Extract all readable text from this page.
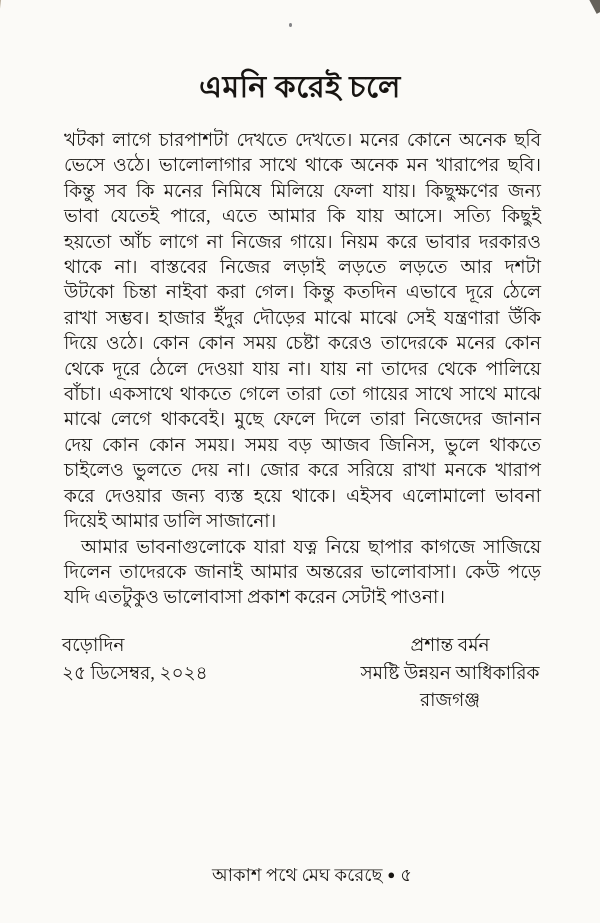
এমনি করেই চলে
খটকা লাগে চারপাশটা দেখতে দেখতে। মনের কোনে অনেক ছবি
ভেসে ওঠে। ভালোলাগার সাথে থাকে অনেক মন খারাপের ছবি।
কিন্তু সব কি মনের নিমিষে মিলিয়ে ফেলা যায়। কিছুক্ষণের জন্য
ভাবা যেতেই পারে, এতে আমার কি যায় আসে। সত্যি কিছুই
হয়তো আঁচ লাগে না নিজের গায়ে। নিয়ম করে ভাবার দরকারও
থাকে না। বাস্তবের নিজের লড়াই লড়তে লড়তে আর দশটা
উটকো চিন্তা নাইবা করা গেল। কিন্তু কতদিন এভাবে দূরে ঠেলে
রাখা সম্ভব। হাজার ইঁদুর দৌড়ের মাঝে মাঝে সেই যন্ত্রণারা উঁকি
দিয়ে ওঠে। কোন কোন সময় চেষ্টা করেও তাদেরকে মনের কোন
থেকে দূরে ঠেলে দেওয়া যায় না। যায় না তাদের থেকে পালিয়ে
বাঁচা। একসাথে থাকতে গেলে তারা তো গায়ের সাথে সাথে মাঝে
মাঝে লেগে থাকবেই। মুছে ফেলে দিলে তারা নিজেদের জানান
দেয় কোন কোন সময়। সময় বড় আজব জিনিস, ভুলে থাকতে
চাইলেও ভুলতে দেয় না। জোর করে সরিয়ে রাখা মনকে খারাপ
করে দেওয়ার জন্য ব্যস্ত হয়ে থাকে। এইসব এলোমালো ভাবনা
দিয়েই আমার ডালি সাজানো।
আমার ভাবনাগুলোকে যারা যত্ন নিয়ে ছাপার কাগজে সাজিয়ে
দিলেন তাদেরকে জানাই আমার অন্তরের ভালোবাসা। কেউ পড়ে
যদি এতটুকুও ভালোবাসা প্রকাশ করেন সেটাই পাওনা।
বড়োদিন
২৫ ডিসেম্বর, ২০২৪
প্রশান্ত বর্মন
সমষ্টি উন্নয়ন আধিকারিক
রাজগঞ্জ
আকাশ পথে মেঘ করেছে ● ৫
